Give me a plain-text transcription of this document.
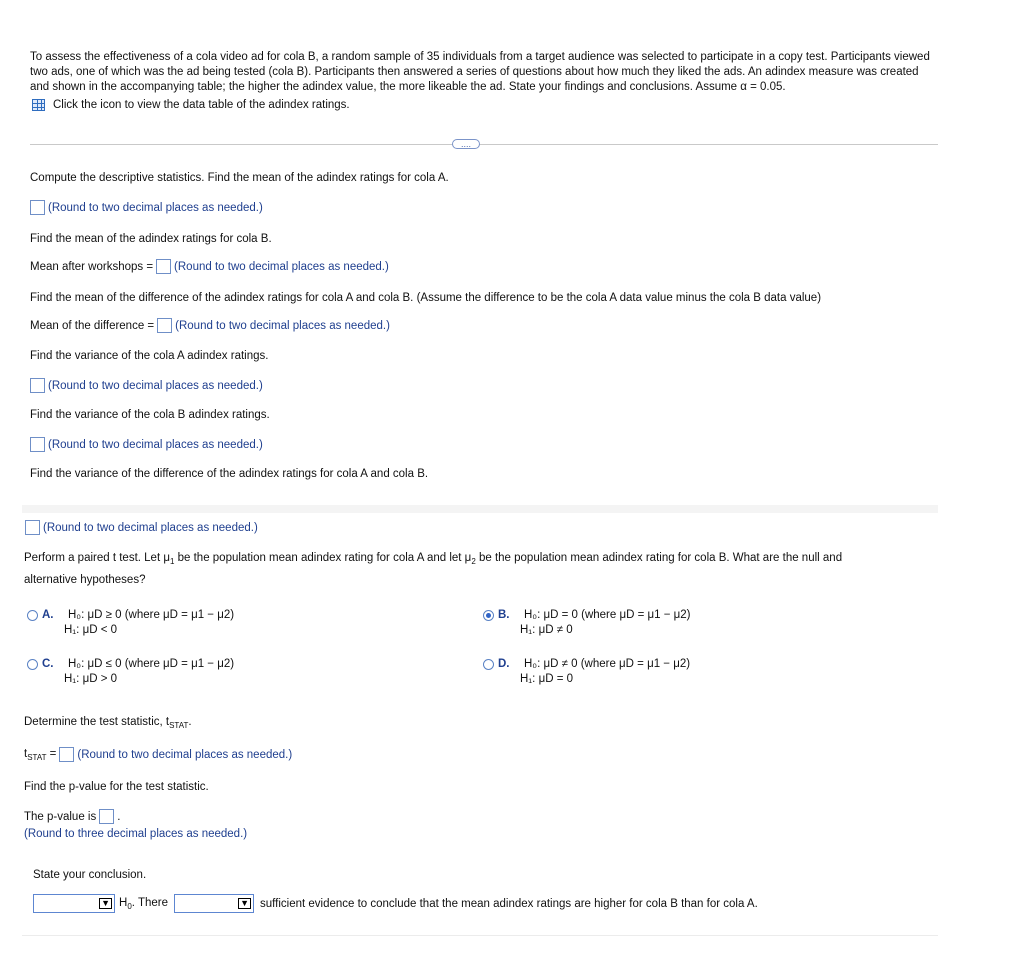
To assess the effectiveness of a cola video ad for cola B, a random sample of 35 individuals from a target audience was selected to participate in a copy test. Participants viewed two ads, one of which was the ad being tested (cola B). Participants then answered a series of questions about how much they liked the ads. An adindex measure was created and shown in the accompanying table; the higher the adindex value, the more likeable the ad. State your findings and conclusions. Assume α = 0.05.
Click the icon to view the data table of the adindex ratings.
....
Compute the descriptive statistics. Find the mean of the adindex ratings for cola A.
(Round to two decimal places as needed.)
Find the mean of the adindex ratings for cola B.
Mean after workshops = (Round to two decimal places as needed.)
Find the mean of the difference of the adindex ratings for cola A and cola B. (Assume the difference to be the cola A data value minus the cola B data value)
Mean of the difference = (Round to two decimal places as needed.)
Find the variance of the cola A adindex ratings.
(Round to two decimal places as needed.)
Find the variance of the cola B adindex ratings.
(Round to two decimal places as needed.)
Find the variance of the difference of the adindex ratings for cola A and cola B.
(Round to two decimal places as needed.)
Perform a paired t test. Let $\mu_1$ be the population mean adindex rating for cola A and let $\mu_2$ be the population mean adindex rating for cola B. What are the null and
alternative hypotheses?
A.	H₀: μD ≥ 0
(where μD = μ1 − μ2)
H₁: μD < 0
B.	H₀: μD = 0
(where μD = μ1 − μ2)
H₁: μD ≠ 0
C.	H₀: μD ≤ 0
(where μD = μ1 − μ2)
H₁: μD > 0
D.	H₀: μD ≠ 0
(where μD = μ1 − μ2)
H₁: μD = 0
Determine the test statistic, $t_{STAT}$.
$t_{STAT}$ = (Round to two decimal places as needed.)
Find the p-value for the test statistic.
The p-value is .
(Round to three decimal places as needed.)
State your conclusion.
▼ $H_0$. There	▼ sufficient evidence to conclude that the mean adindex ratings are higher for cola B than for cola A.
